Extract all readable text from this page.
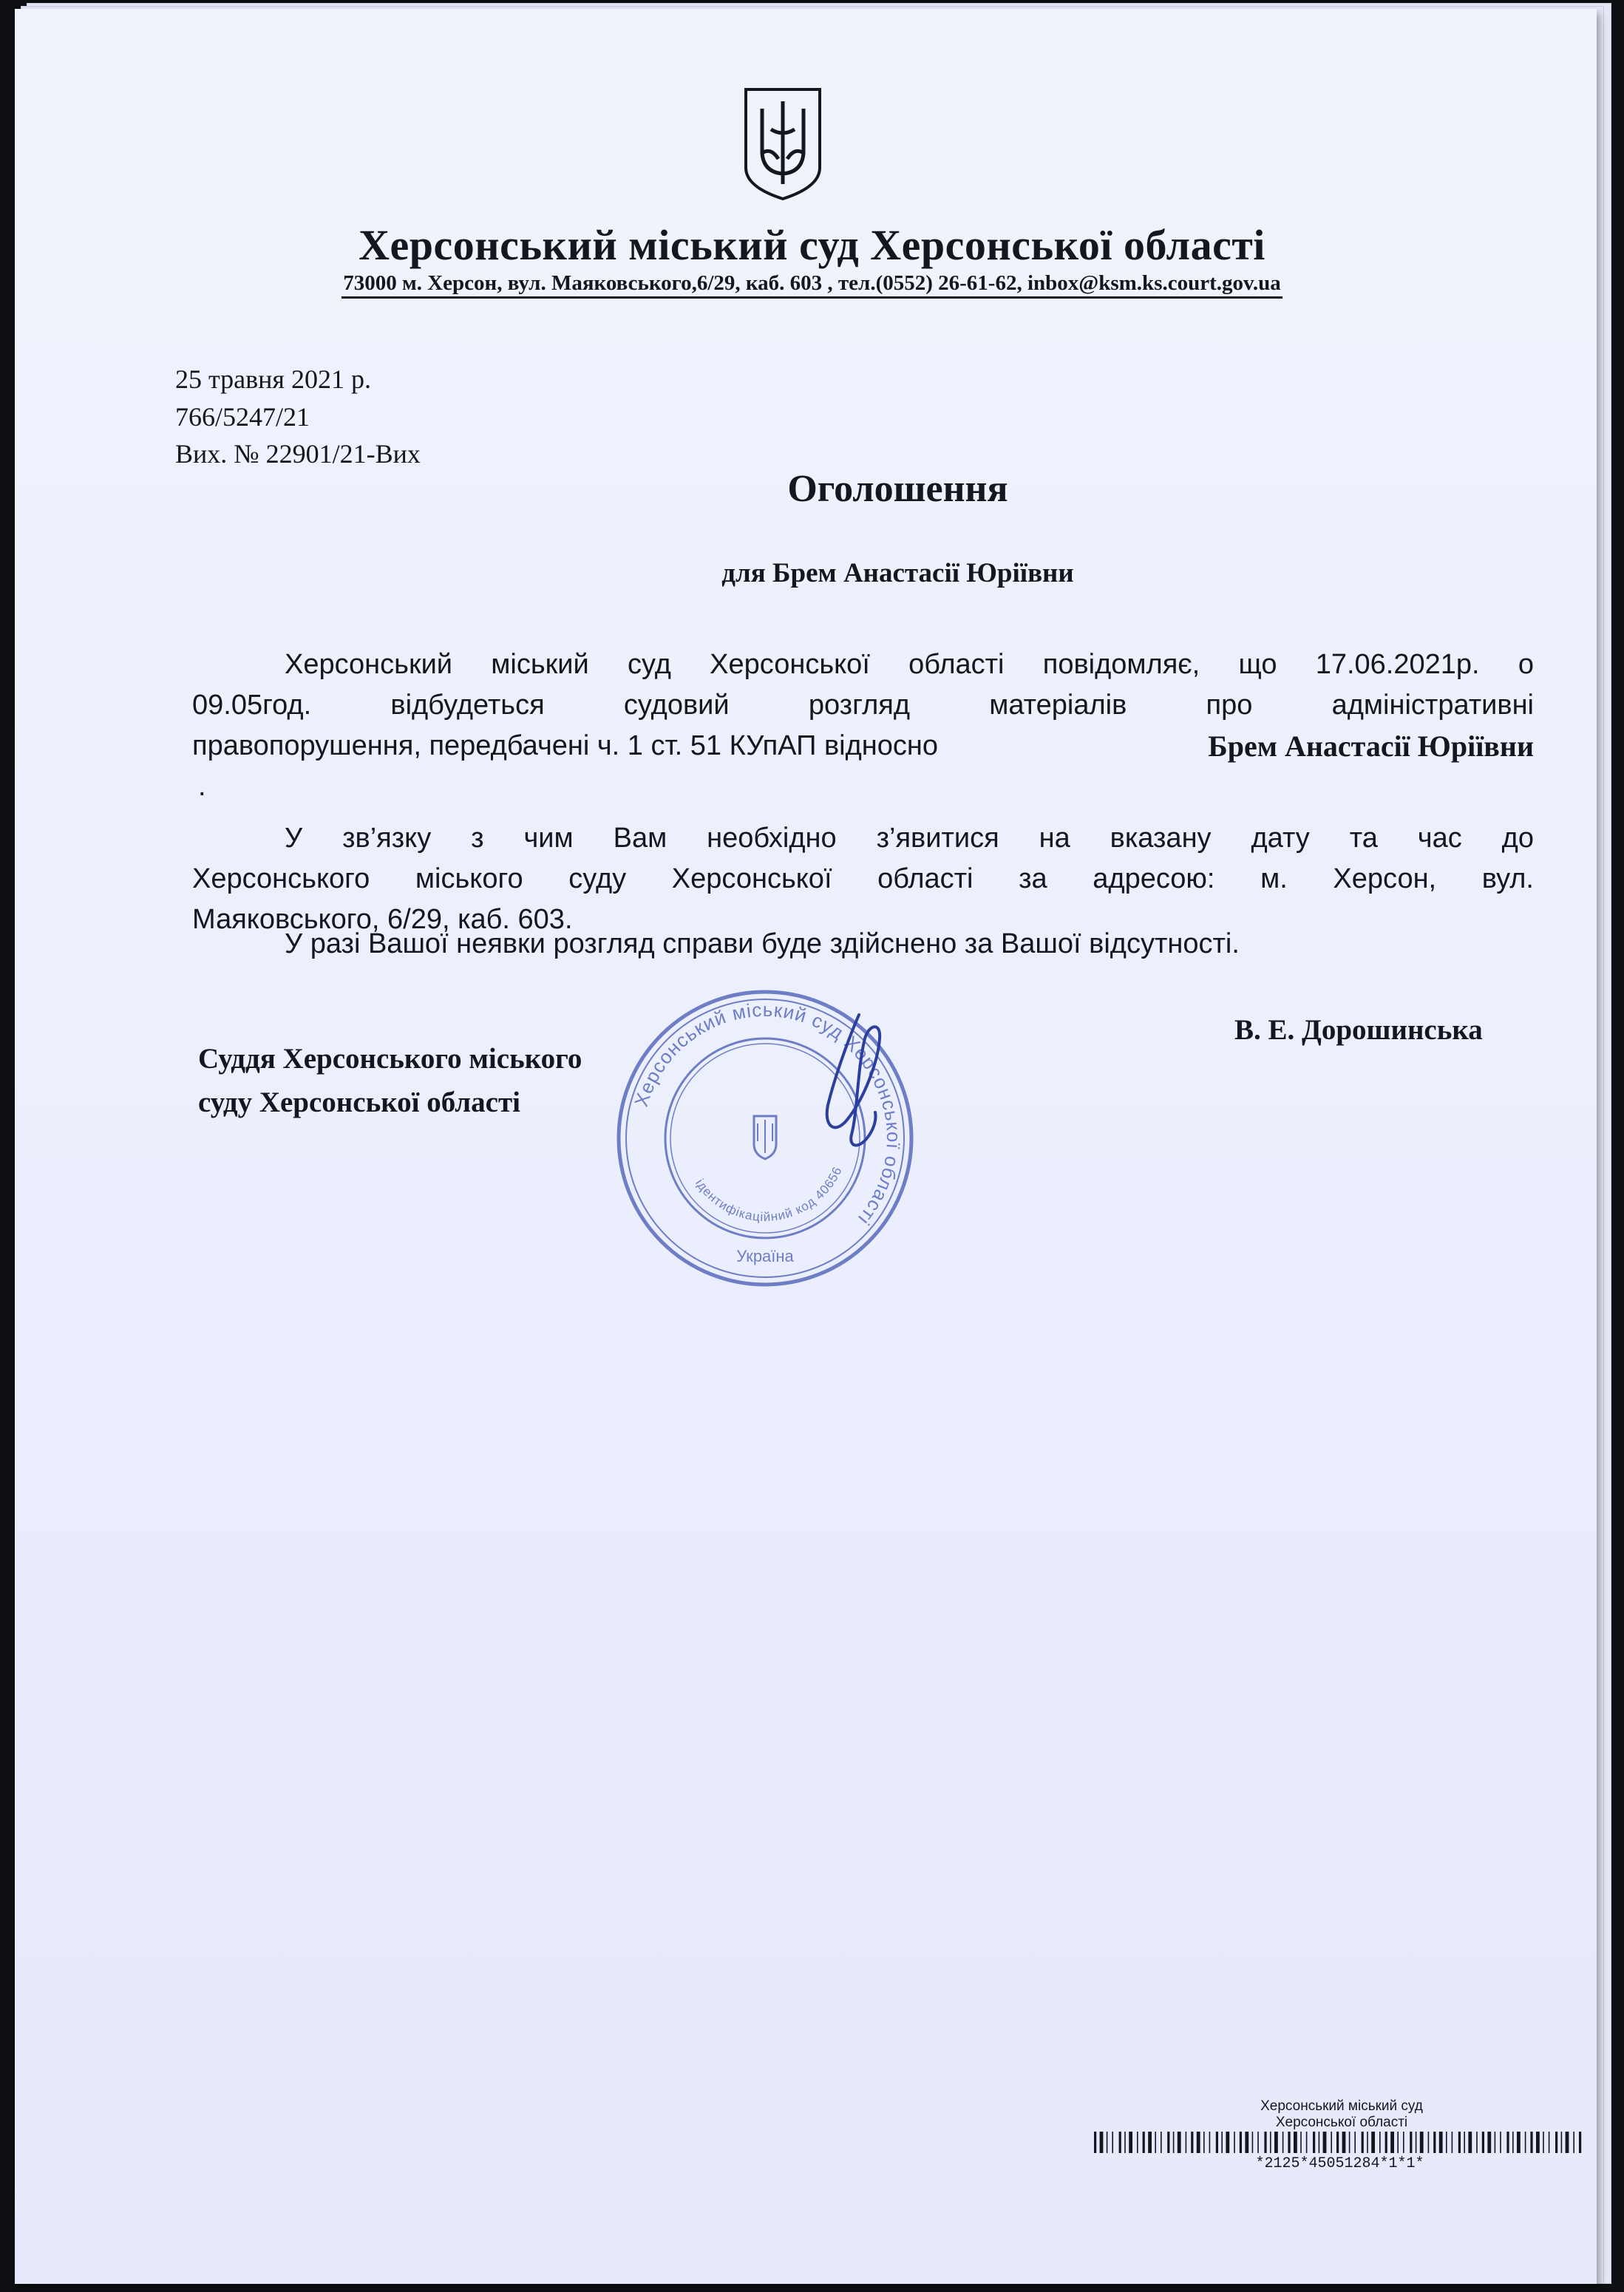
Херсонський міський суд Херсонської області
73000 м. Херсон, вул. Маяковського,6/29, каб. 603 , тел.(0552) 26-61-62, inbox@ksm.ks.court.gov.ua
25 травня 2021 р.
766/5247/21
Вих. № 22901/21-Вих
Оголошення
для Брем Анастасії Юріївни
Херсонський міський суд Херсонської області повідомляє, що 17.06.2021р. о
09.05год. відбудеться судовий розгляд матеріалів про адміністративні
правопорушення, передбачені ч. 1 ст. 51 КУпАП відносно	Брем Анастасії Юріївни
.
У зв’язку з чим Вам необхідно з’явитися на вказану дату та час до
Херсонського міського суду Херсонської області за адресою: м. Херсон, вул.
Маяковського, 6/29, каб. 603.
У разі Вашої неявки розгляд справи буде здійснено за Вашої відсутності.
Херсонський міський суд Херсонської області
ідентифікаційний код 40656
Україна
Суддя Херсонського міського
суду Херсонської області
В. Е. Дорошинська
Херсонський міський суд
Херсонської області
*2125*45051284*1*1*
